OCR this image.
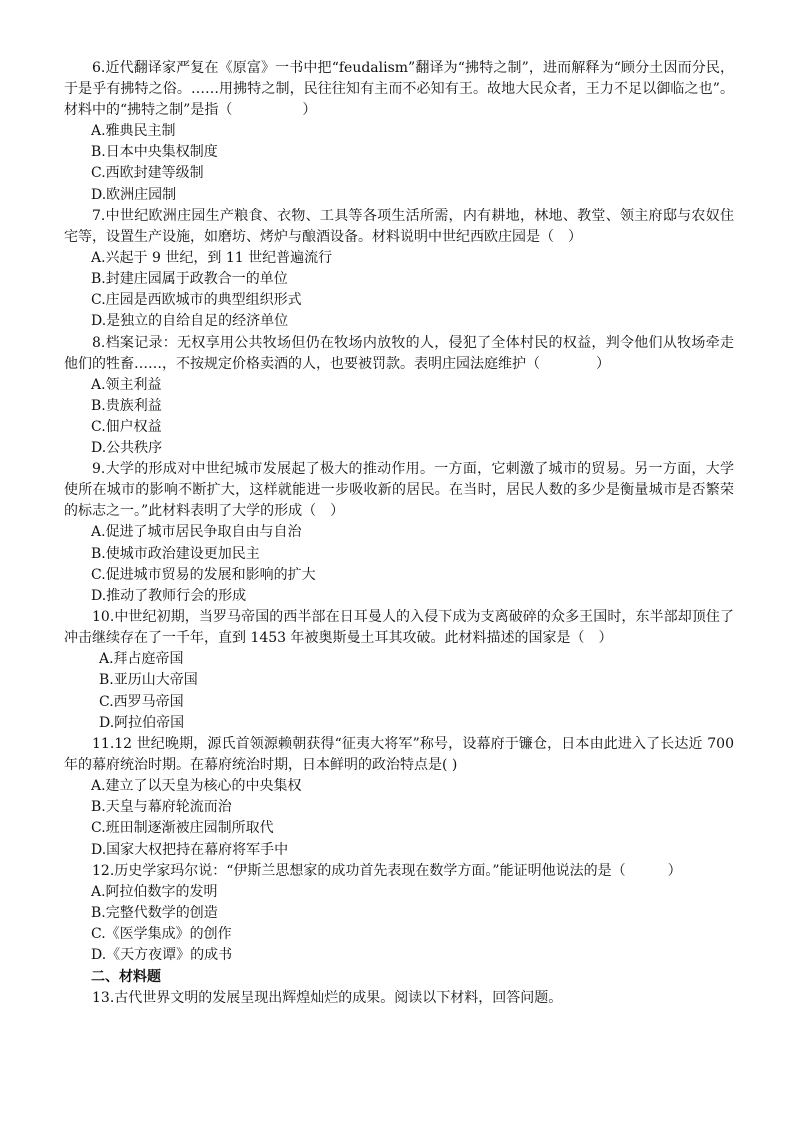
6.近代翻译家严复在《原富》一书中把“feudalism”翻译为“拂特之制”，进而解释为“顾分土因而分民，于是乎有拂特之俗。……用拂特之制，民往往知有主而不必知有王。故地大民众者，王力不足以御临之也”。材料中的“拂特之制”是指（　　　　　）

A.雅典民主制

B.日本中央集权制度

C.西欧封建等级制

D.欧洲庄园制

7.中世纪欧洲庄园生产粮食、衣物、工具等各项生活所需，内有耕地，林地、教堂、领主府邸与农奴住宅等，设置生产设施，如磨坊、烤炉与酿酒设备。材料说明中世纪西欧庄园是（　）

A.兴起于 9 世纪，到 11 世纪普遍流行

B.封建庄园属于政教合一的单位

C.庄园是西欧城市的典型组织形式

D.是独立的自给自足的经济单位

8.档案记录：无权享用公共牧场但仍在牧场内放牧的人，侵犯了全体村民的权益，判令他们从牧场牵走他们的牲畜……，不按规定价格卖酒的人，也要被罚款。表明庄园法庭维护（　　　　）

A.领主利益

B.贵族利益

C.佃户权益

D.公共秩序

9.大学的形成对中世纪城市发展起了极大的推动作用。一方面，它刺激了城市的贸易。另一方面，大学使所在城市的影响不断扩大，这样就能进一步吸收新的居民。在当时，居民人数的多少是衡量城市是否繁荣的标志之一。”此材料表明了大学的形成（　）

A.促进了城市居民争取自由与自治

B.使城市政治建设更加民主

C.促进城市贸易的发展和影响的扩大

D.推动了教师行会的形成

10.中世纪初期，当罗马帝国的西半部在日耳曼人的入侵下成为支离破碎的众多王国时，东半部却顶住了冲击继续存在了一千年，直到 1453 年被奥斯曼土耳其攻破。此材料描述的国家是（　）

A.拜占庭帝国

B.亚历山大帝国

C.西罗马帝国

D.阿拉伯帝国

11.12 世纪晚期，源氏首领源赖朝获得“征夷大将军”称号，设幕府于镰仓，日本由此进入了长达近 700 年的幕府统治时期。在幕府统治时期，日本鲜明的政治特点是( )

A.建立了以天皇为核心的中央集权

B.天皇与幕府轮流而治

C.班田制逐渐被庄园制所取代

D.国家大权把持在幕府将军手中

12.历史学家玛尔说：“伊斯兰思想家的成功首先表现在数学方面。”能证明他说法的是（　　　）

A.阿拉伯数字的发明

B.完整代数学的创造

C.《医学集成》的创作

D.《天方夜谭》的成书

二、材料题

13.古代世界文明的发展呈现出辉煌灿烂的成果。阅读以下材料，回答问题。
